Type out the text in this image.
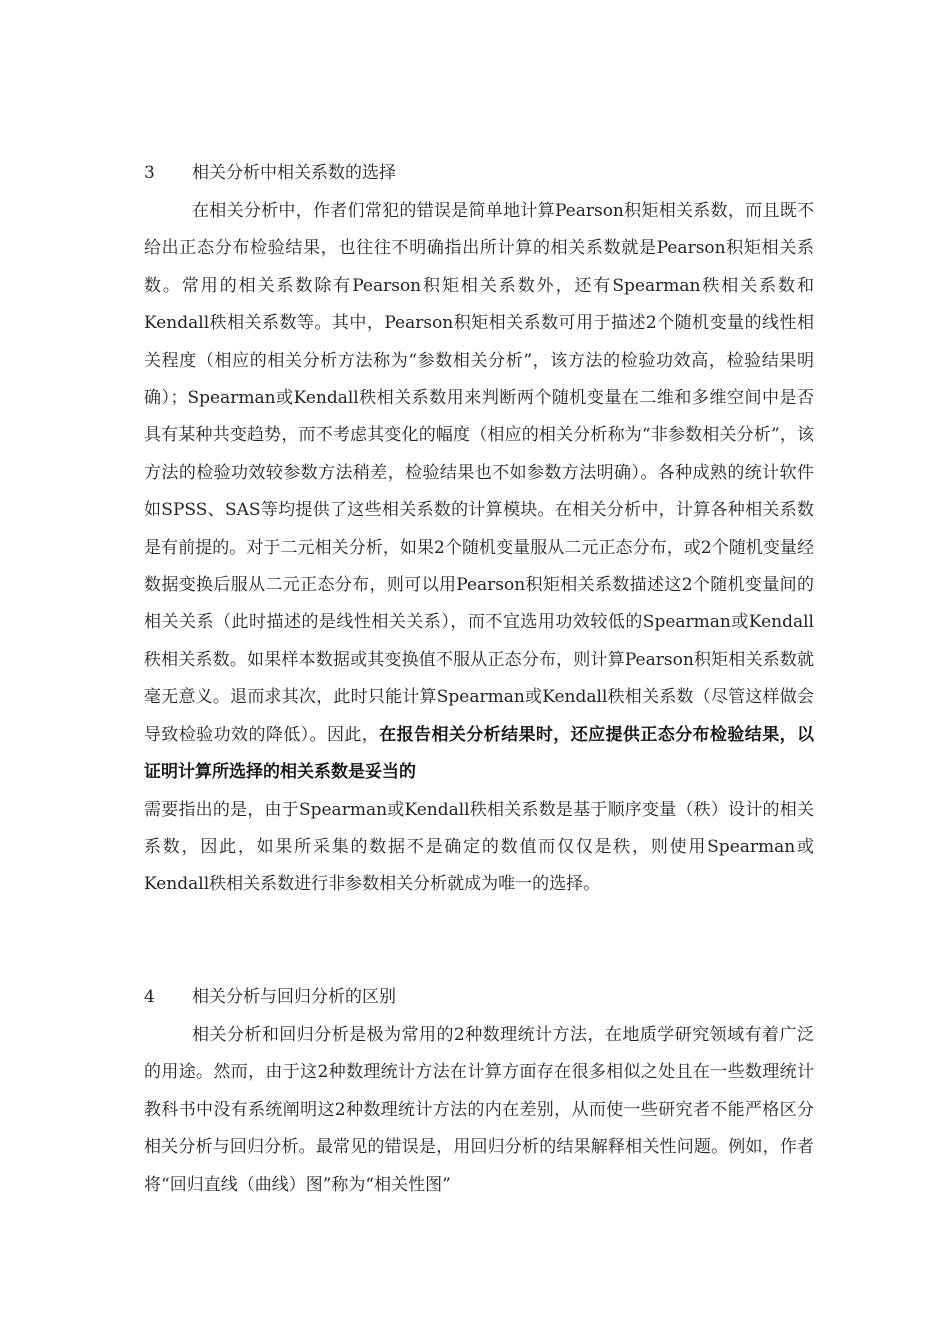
3 相关分析中相关系数的选择

在相关分析中，作者们常犯的错误是简单地计算Pearson积矩相关系数，而且既不给出正态分布检验结果，也往往不明确指出所计算的相关系数就是Pearson积矩相关系数。常用的相关系数除有Pearson积矩相关系数外，还有Spearman秩相关系数和Kendall秩相关系数等。其中，Pearson积矩相关系数可用于描述2个随机变量的线性相关程度（相应的相关分析方法称为“参数相关分析”，该方法的检验功效高，检验结果明确）；Spearman或Kendall秩相关系数用来判断两个随机变量在二维和多维空间中是否具有某种共变趋势，而不考虑其变化的幅度（相应的相关分析称为“非参数相关分析”，该方法的检验功效较参数方法稍差，检验结果也不如参数方法明确）。各种成熟的统计软件如SPSS、SAS等均提供了这些相关系数的计算模块。在相关分析中，计算各种相关系数是有前提的。对于二元相关分析，如果2个随机变量服从二元正态分布，或2个随机变量经数据变换后服从二元正态分布，则可以用Pearson积矩相关系数描述这2个随机变量间的相关关系（此时描述的是线性相关关系），而不宜选用功效较低的Spearman或Kendall秩相关系数。如果样本数据或其变换值不服从正态分布，则计算Pearson积矩相关系数就毫无意义。退而求其次，此时只能计算Spearman或Kendall秩相关系数（尽管这样做会导致检验功效的降低）。因此，在报告相关分析结果时，还应提供正态分布检验结果，以证明计算所选择的相关系数是妥当的
需要指出的是，由于Spearman或Kendall秩相关系数是基于顺序变量（秩）设计的相关系数，因此，如果所采集的数据不是确定的数值而仅仅是秩，则使用Spearman或Kendall秩相关系数进行非参数相关分析就成为唯一的选择。

4 相关分析与回归分析的区别

相关分析和回归分析是极为常用的2种数理统计方法，在地质学研究领域有着广泛的用途。然而，由于这2种数理统计方法在计算方面存在很多相似之处且在一些数理统计教科书中没有系统阐明这2种数理统计方法的内在差别，从而使一些研究者不能严格区分相关分析与回归分析。最常见的错误是，用回归分析的结果解释相关性问题。例如，作者将“回归直线（曲线）图”称为“相关性图”
